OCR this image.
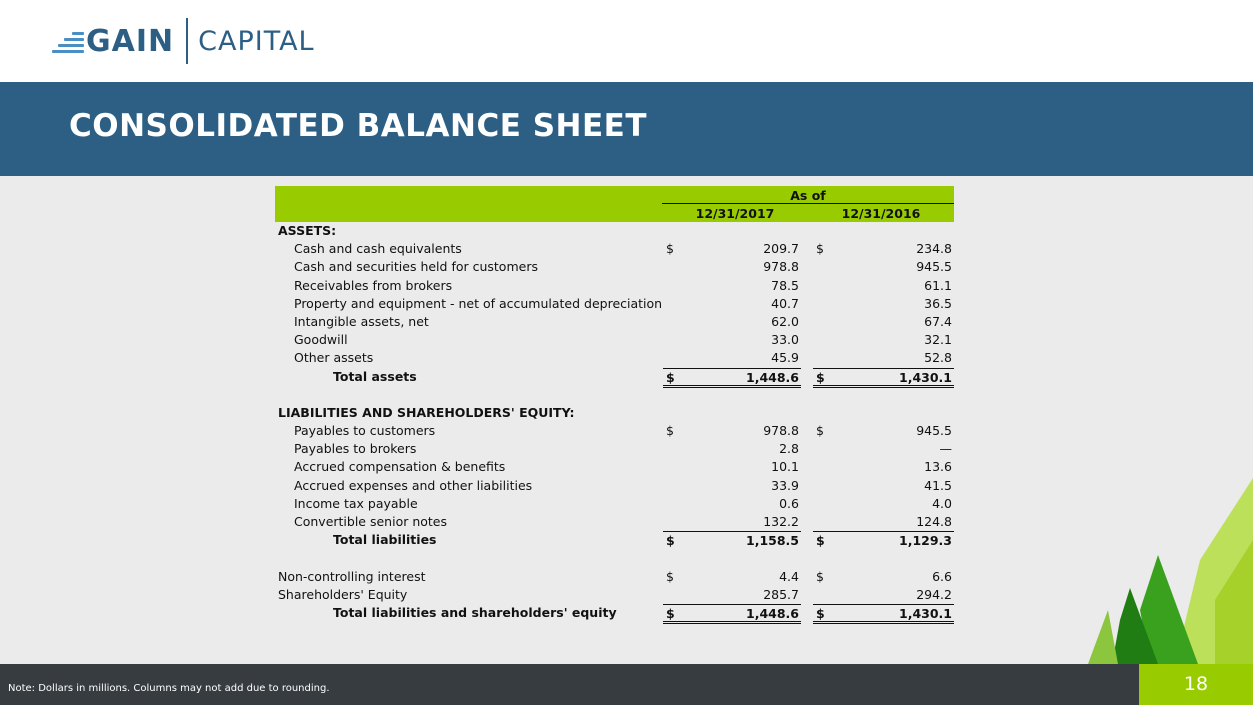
GAIN CAPITAL
CONSOLIDATED BALANCE SHEET
As of
12/31/2017	12/31/2016
ASSETS:
Cash and cash equivalents	$	209.7 $	234.8
Cash and securities held for customers	978.8	945.5
Receivables from brokers	78.5	61.1
Property and equipment - net of accumulated depreciation	40.7	36.5
Intangible assets, net	62.0	67.4
Goodwill	33.0	32.1
Other assets	45.9	52.8
Total assets	$	1,448.6 $	1,430.1
LIABILITIES AND SHAREHOLDERS' EQUITY:
Payables to customers	$	978.8 $	945.5
Payables to brokers	2.8	—
Accrued compensation & benefits	10.1	13.6
Accrued expenses and other liabilities	33.9	41.5
Income tax payable	0.6	4.0
Convertible senior notes	132.2	124.8
Total liabilities	$	1,158.5 $	1,129.3
Non-controlling interest	$	4.4 $	6.6
Shareholders' Equity	285.7	294.2
Total liabilities and shareholders' equity	$	1,448.6 $	1,430.1
Note: Dollars in millions. Columns may not add due to rounding.	18
